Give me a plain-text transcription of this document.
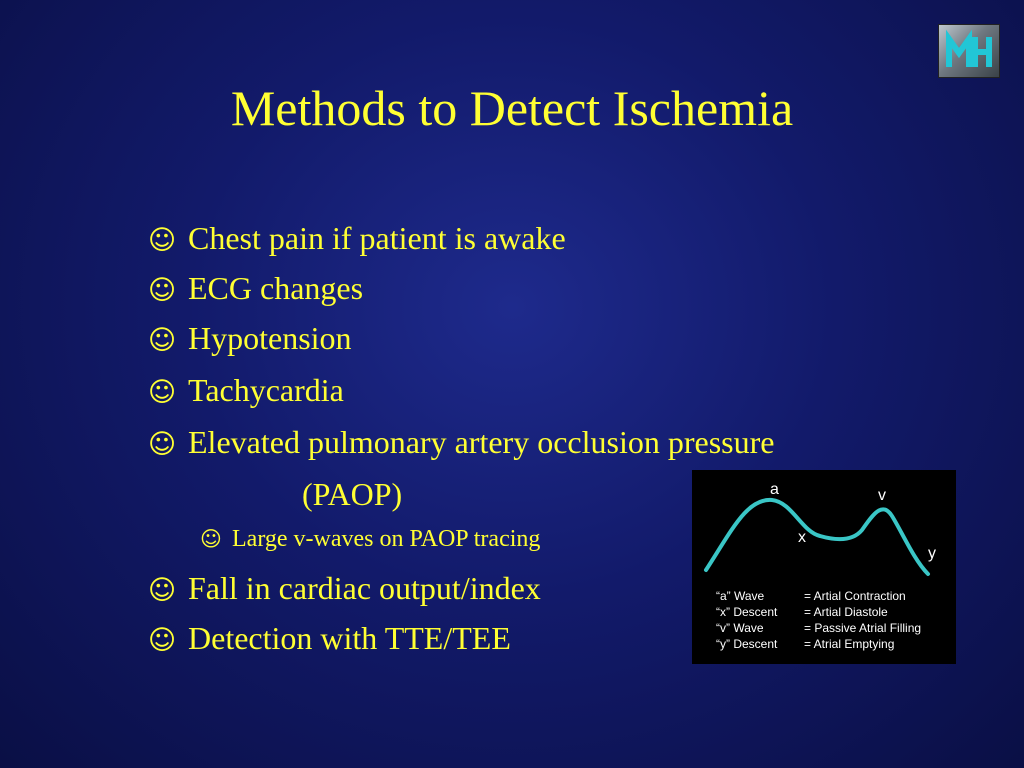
Methods to Detect Ischemia
☺ Chest pain if patient is awake
☺ ECG changes
☺ Hypotension
☺ Tachycardia
☺ Elevated pulmonary artery occlusion pressure
(PAOP)
☺ Large v-waves on PAOP tracing
☺ Fall in cardiac output/index
☺ Detection with TTE/TEE
a
x
v
y
“a” Wave	= Artial Contraction
“x” Descent	= Artial Diastole
“v” Wave	= Passive Atrial Filling
“y” Descent	= Atrial Emptying
